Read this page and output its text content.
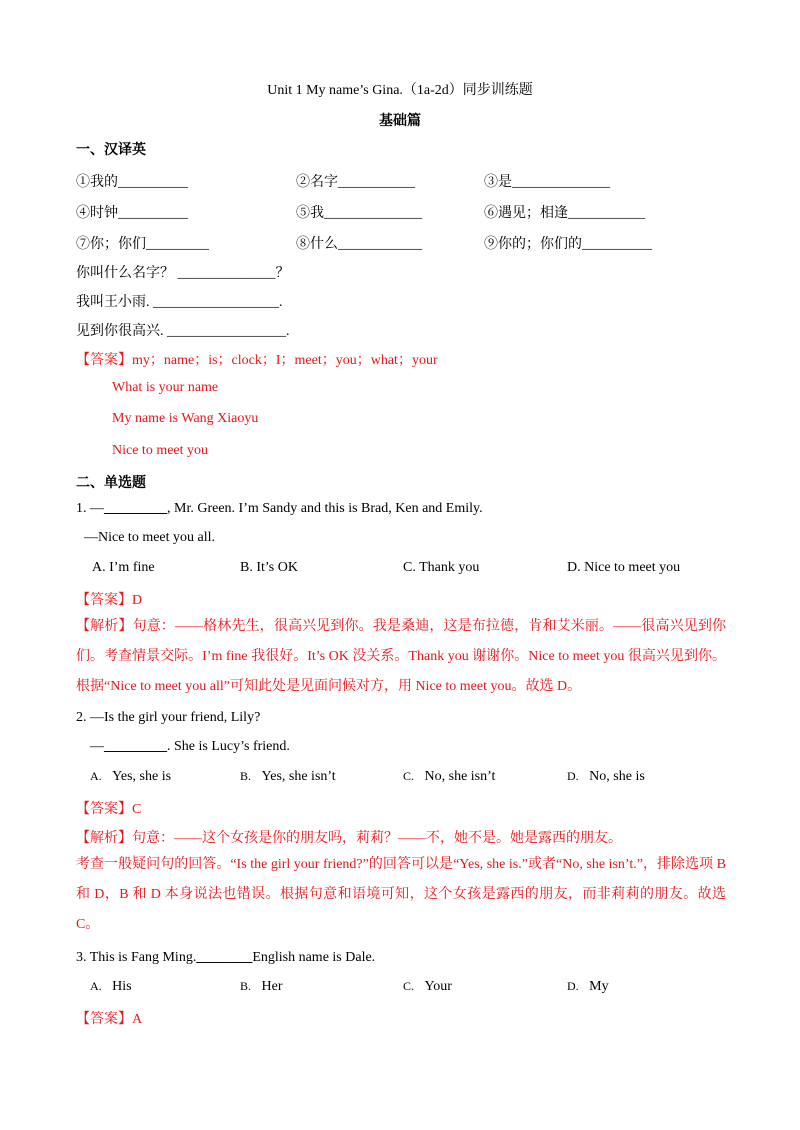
Unit 1 My name’s Gina.（1a-2d）同步训练题
基础篇
一、汉译英
①我的__________	②名字___________	③是______________
④时钟__________	⑤我______________	⑥遇见；相逢___________
⑦你；你们_________	⑧什么____________	⑨你的；你们的__________
你叫什么名字？ ______________？
我叫王小雨. __________________.
见到你很高兴. _________________.
【答案】my；name；is；clock；I；meet；you；what；your
What is your name
My name is Wang Xiaoyu
Nice to meet you
二、单选题
1. —_________, Mr. Green. I’m Sandy and this is Brad, Ken and Emily.
—Nice to meet you all.
A. I’m fine	B. It’s OK	C. Thank you	D. Nice to meet you
【答案】D
【解析】句意：——格林先生，很高兴见到你。我是桑迪，这是布拉德，肯和艾米丽。——很高兴见到你们。考查情景交际。I’m fine 我很好。It’s OK 没关系。Thank you 谢谢你。Nice to meet you 很高兴见到你。根据“Nice to meet you all”可知此处是见面问候对方，用 Nice to meet you。故选 D。
2. —Is the girl your friend, Lily?
—_________. She is Lucy’s friend.
A. Yes, she is	B. Yes, she isn’t	C. No, she isn’t	D. No, she is
【答案】C
【解析】句意：——这个女孩是你的朋友吗，莉莉？——不，她不是。她是露西的朋友。
考查一般疑问句的回答。“Is the girl your friend?”的回答可以是“Yes, she is.”或者“No, she isn’t.”，排除选项 B 和 D，B 和 D 本身说法也错误。根据句意和语境可知，这个女孩是露西的朋友，而非莉莉的朋友。故选 C。
3. This is Fang Ming.________English name is Dale.
A. His	B. Her	C. Your	D. My
【答案】A
